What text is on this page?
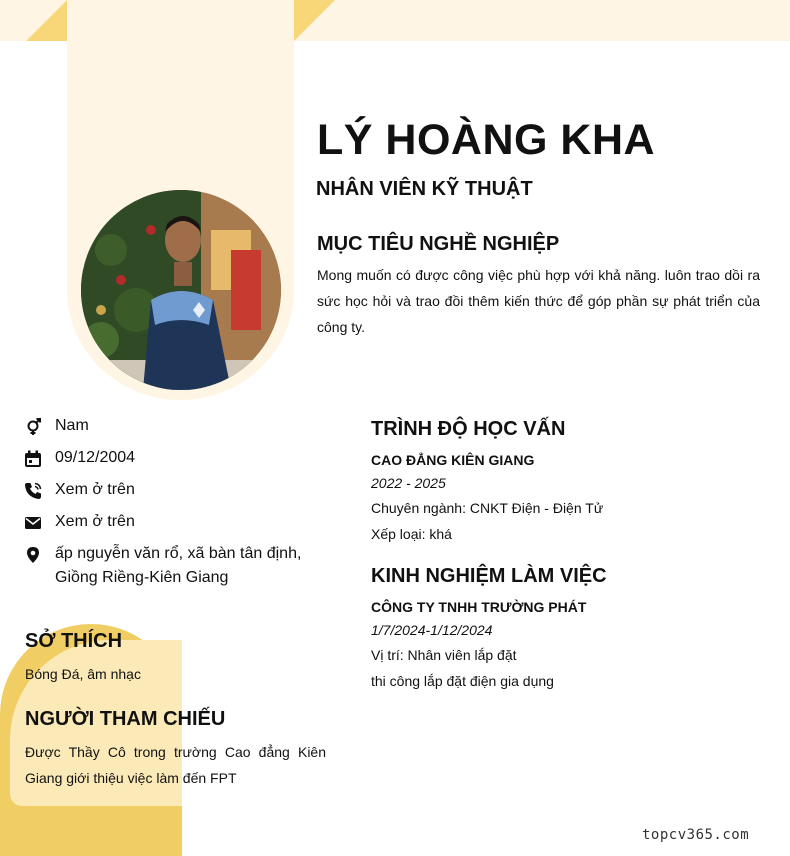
LÝ HOÀNG KHA
NHÂN VIÊN KỸ THUẬT
MỤC TIÊU NGHỀ NGHIỆP
Mong muốn có được công việc phù hợp với khả năng. luôn trao dồi ra sức học hỏi và trao đồi thêm kiến thức để góp phần sự phát triển của công ty.
Nam
09/12/2004
Xem ở trên
Xem ở trên
ấp nguyễn văn rổ, xã bàn tân định, Giồng Riềng-Kiên Giang
SỞ THÍCH
Bóng Đá, âm nhạc
NGƯỜI THAM CHIẾU
Được Thầy Cô trong trường Cao đẳng Kiên Giang giới thiệu việc làm đến FPT
TRÌNH ĐỘ HỌC VẤN
CAO ĐẲNG KIÊN GIANG
2022 - 2025
Chuyên ngành: CNKT Điện - Điện Tử
Xếp loại: khá
KINH NGHIỆM LÀM VIỆC
CÔNG TY TNHH TRƯỜNG PHÁT
1/7/2024-1/12/2024
Vị trí: Nhân viên lắp đặt
thi công lắp đặt điện gia dụng
topcv365.com
